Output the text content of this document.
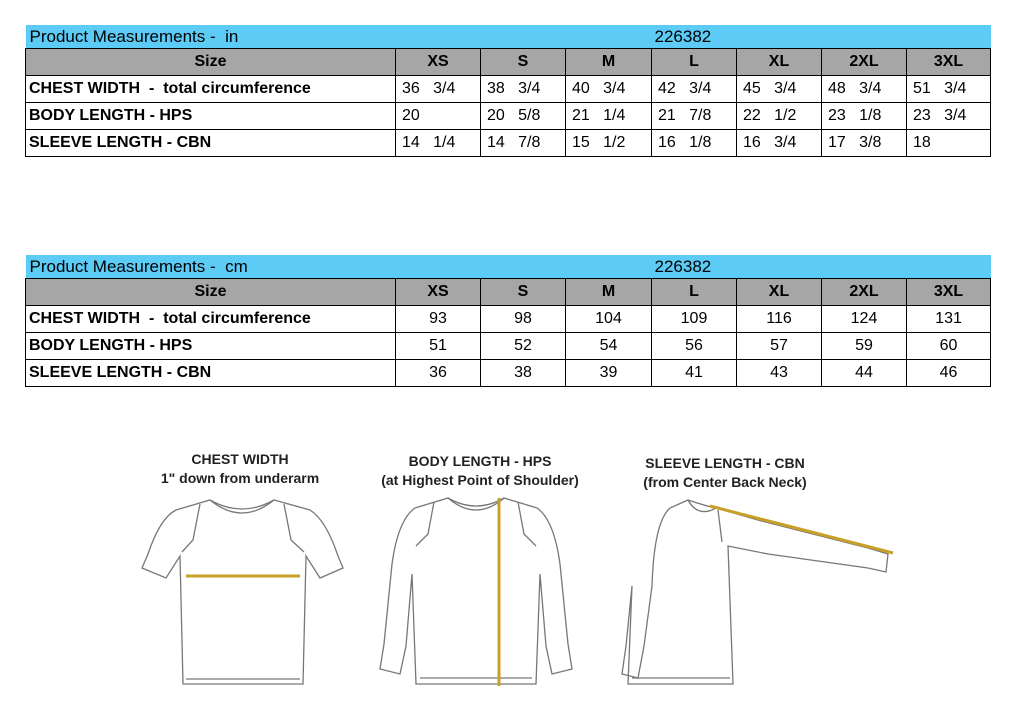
Product Measurements -  in				226382			
Size	XS	S	M	L	XL	2XL	3XL
CHEST WIDTH  -  total circumference	36   3/4	38   3/4	40   3/4	42   3/4	45   3/4	48   3/4	51   3/4
BODY LENGTH - HPS	20	20   5/8	21   1/4	21   7/8	22   1/2	23   1/8	23   3/4
SLEEVE LENGTH - CBN	14   1/4	14   7/8	15   1/2	16   1/8	16   3/4	17   3/8	18
Product Measurements -  cm				226382			
Size	XS	S	M	L	XL	2XL	3XL
CHEST WIDTH  -  total circumference	93	98	104	109	116	124	131
BODY LENGTH - HPS	51	52	54	56	57	59	60
SLEEVE LENGTH - CBN	36	38	39	41	43	44	46
CHEST WIDTH
1" down from underarm
BODY LENGTH - HPS
(at Highest Point of Shoulder)
SLEEVE LENGTH - CBN
(from Center Back Neck)
